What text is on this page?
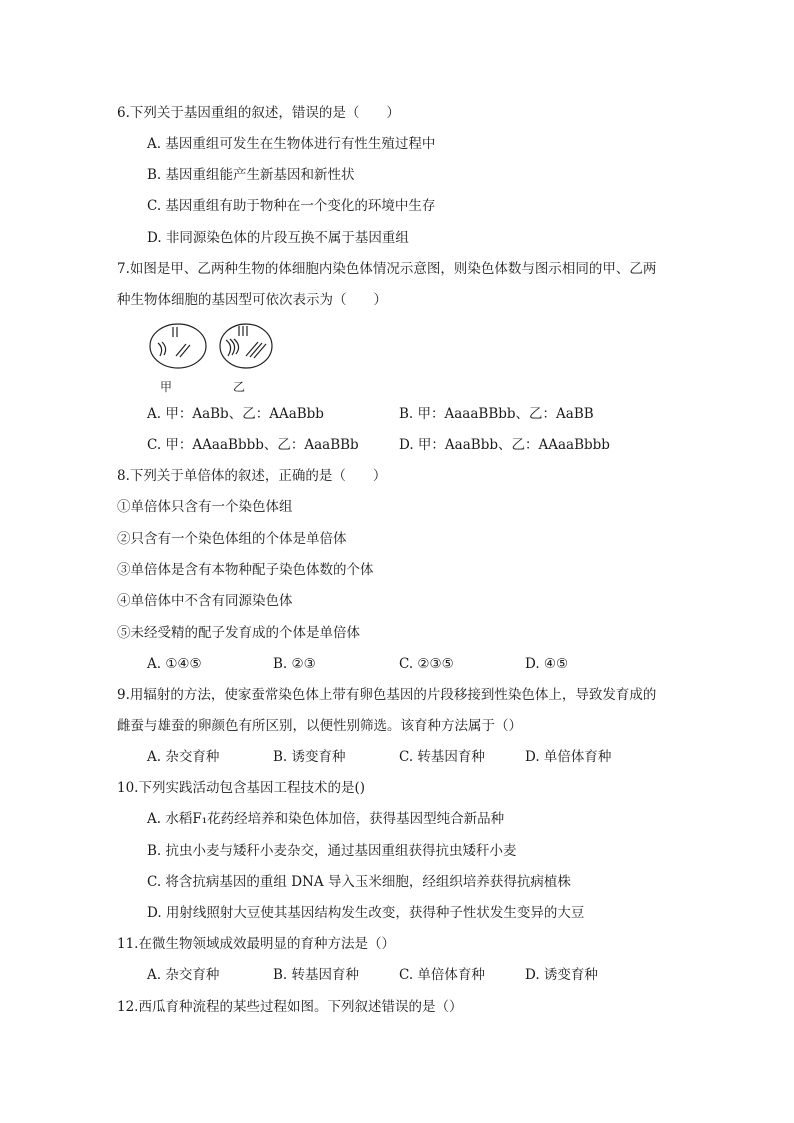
6.下列关于基因重组的叙述，错误的是（　　）
A. 基因重组可发生在生物体进行有性生殖过程中
B. 基因重组能产生新基因和新性状
C. 基因重组有助于物种在一个变化的环境中生存
D. 非同源染色体的片段互换不属于基因重组
7.如图是甲、乙两种生物的体细胞内染色体情况示意图，则染色体数与图示相同的甲、乙两
种生物体细胞的基因型可依次表示为（　　）
甲	乙
A. 甲：AaBb、乙：AAaBbb	B. 甲：AaaaBBbb、乙：AaBB
C. 甲：AAaaBbbb、乙：AaaBBb	D. 甲：AaaBbb、乙：AAaaBbbb
8.下列关于单倍体的叙述，正确的是（　　）
①单倍体只含有一个染色体组
②只含有一个染色体组的个体是单倍体
③单倍体是含有本物种配子染色体数的个体
④单倍体中不含有同源染色体
⑤未经受精的配子发育成的个体是单倍体
A. ①④⑤	B. ②③	C. ②③⑤	D. ④⑤
9.用辐射的方法，使家蚕常染色体上带有卵色基因的片段移接到性染色体上，导致发育成的
雌蚕与雄蚕的卵颜色有所区别，以便性别筛选。该育种方法属于（）
A. 杂交育种	B. 诱变育种	C. 转基因育种	D. 单倍体育种
10.下列实践活动包含基因工程技术的是()
A. 水稻F₁花药经培养和染色体加倍，获得基因型纯合新品种
B. 抗虫小麦与矮秆小麦杂交，通过基因重组获得抗虫矮秆小麦
C. 将含抗病基因的重组 DNA 导入玉米细胞，经组织培养获得抗病植株
D. 用射线照射大豆使其基因结构发生改变，获得种子性状发生变异的大豆
11.在微生物领域成效最明显的育种方法是（）
A. 杂交育种	B. 转基因育种	C. 单倍体育种	D. 诱变育种
12.西瓜育种流程的某些过程如图。下列叙述错误的是（）
